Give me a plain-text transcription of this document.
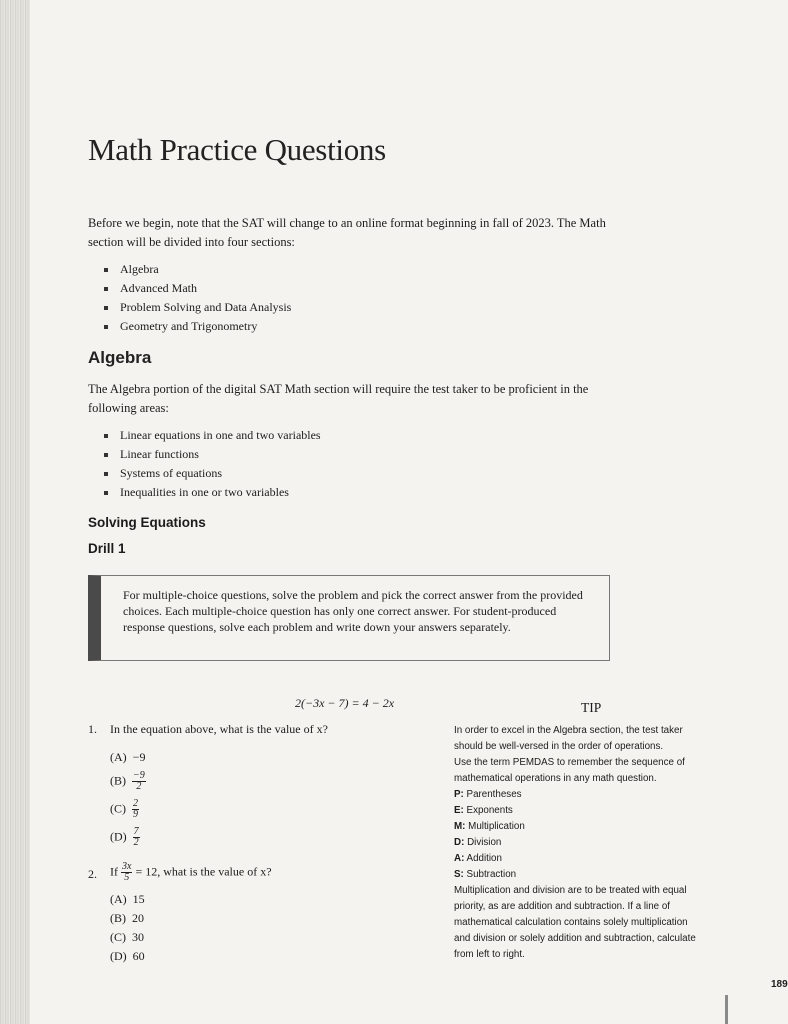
Math Practice Questions

Before we begin, note that the SAT will change to an online format beginning in fall of 2023. The Math section will be divided into four sections:

Algebra
Advanced Math
Problem Solving and Data Analysis
Geometry and Trigonometry
Algebra

The Algebra portion of the digital SAT Math section will require the test taker to be proficient in the following areas:

Linear equations in one and two variables
Linear functions
Systems of equations
Inequalities in one or two variables
Solving Equations
Drill 1

For multiple-choice questions, solve the problem and pick the correct answer from the provided choices. Each multiple-choice question has only one correct answer. For student-produced response questions, solve each problem and write down your answers separately.

2(−3x − 7) = 4 − 2x
1. In the equation above, what is the value of x?
(A) −9
$(B) \frac{-9}{2}$
$(C) \frac{2}{9}$
$(D) \frac{7}{2}$
2. If $\frac{3x}{5} = 12$, what is the value of x?
(A) 15
(B) 20
(C) 30
(D) 60
TIP
In order to excel in the Algebra section, the test taker
should be well-versed in the order of operations.
Use the term PEMDAS to remember the sequence of
mathematical operations in any math question.
P: Parentheses
E: Exponents
M: Multiplication
D: Division
A: Addition
S: Subtraction
Multiplication and division are to be treated with equal
priority, as are addition and subtraction. If a line of
mathematical calculation contains solely multiplication
and division or solely addition and subtraction, calculate
from left to right.
189
